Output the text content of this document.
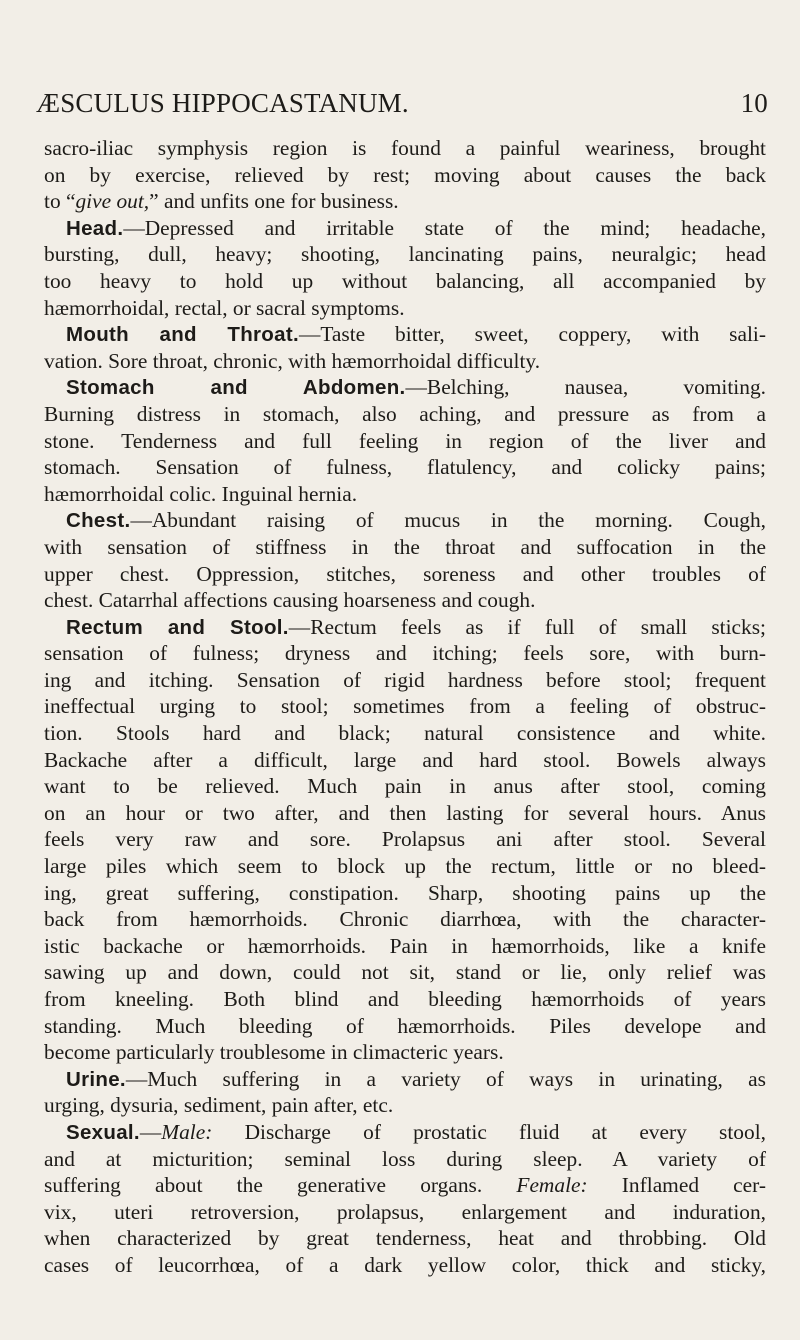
ÆSCULUS HIPPOCASTANUM.	10
sacro-iliac symphysis region is found a painful weariness, brought
on by exercise, relieved by rest; moving about causes the back
to “give out,” and unfits one for business.
Head.—Depressed and irritable state of the mind; headache,
bursting, dull, heavy; shooting, lancinating pains, neuralgic; head
too heavy to hold up without balancing, all accompanied by
hæmorrhoidal, rectal, or sacral symptoms.
Mouth and Throat.—Taste bitter, sweet, coppery, with sali-
vation. Sore throat, chronic, with hæmorrhoidal difficulty.
Stomach and Abdomen.—Belching, nausea, vomiting.
Burning distress in stomach, also aching, and pressure as from a
stone. Tenderness and full feeling in region of the liver and
stomach. Sensation of fulness, flatulency, and colicky pains;
hæmorrhoidal colic. Inguinal hernia.
Chest.—Abundant raising of mucus in the morning. Cough,
with sensation of stiffness in the throat and suffocation in the
upper chest. Oppression, stitches, soreness and other troubles of
chest. Catarrhal affections causing hoarseness and cough.
Rectum and Stool.—Rectum feels as if full of small sticks;
sensation of fulness; dryness and itching; feels sore, with burn-
ing and itching. Sensation of rigid hardness before stool; frequent
ineffectual urging to stool; sometimes from a feeling of obstruc-
tion. Stools hard and black; natural consistence and white.
Backache after a difficult, large and hard stool. Bowels always
want to be relieved. Much pain in anus after stool, coming
on an hour or two after, and then lasting for several hours. Anus
feels very raw and sore. Prolapsus ani after stool. Several
large piles which seem to block up the rectum, little or no bleed-
ing, great suffering, constipation. Sharp, shooting pains up the
back from hæmorrhoids. Chronic diarrhœa, with the character-
istic backache or hæmorrhoids. Pain in hæmorrhoids, like a knife
sawing up and down, could not sit, stand or lie, only relief was
from kneeling. Both blind and bleeding hæmorrhoids of years
standing. Much bleeding of hæmorrhoids. Piles develope and
become particularly troublesome in climacteric years.
Urine.—Much suffering in a variety of ways in urinating, as
urging, dysuria, sediment, pain after, etc.
Sexual.—Male: Discharge of prostatic fluid at every stool,
and at micturition; seminal loss during sleep. A variety of
suffering about the generative organs. Female: Inflamed cer-
vix, uteri retroversion, prolapsus, enlargement and induration,
when characterized by great tenderness, heat and throbbing. Old
cases of leucorrhœa, of a dark yellow color, thick and sticky,
